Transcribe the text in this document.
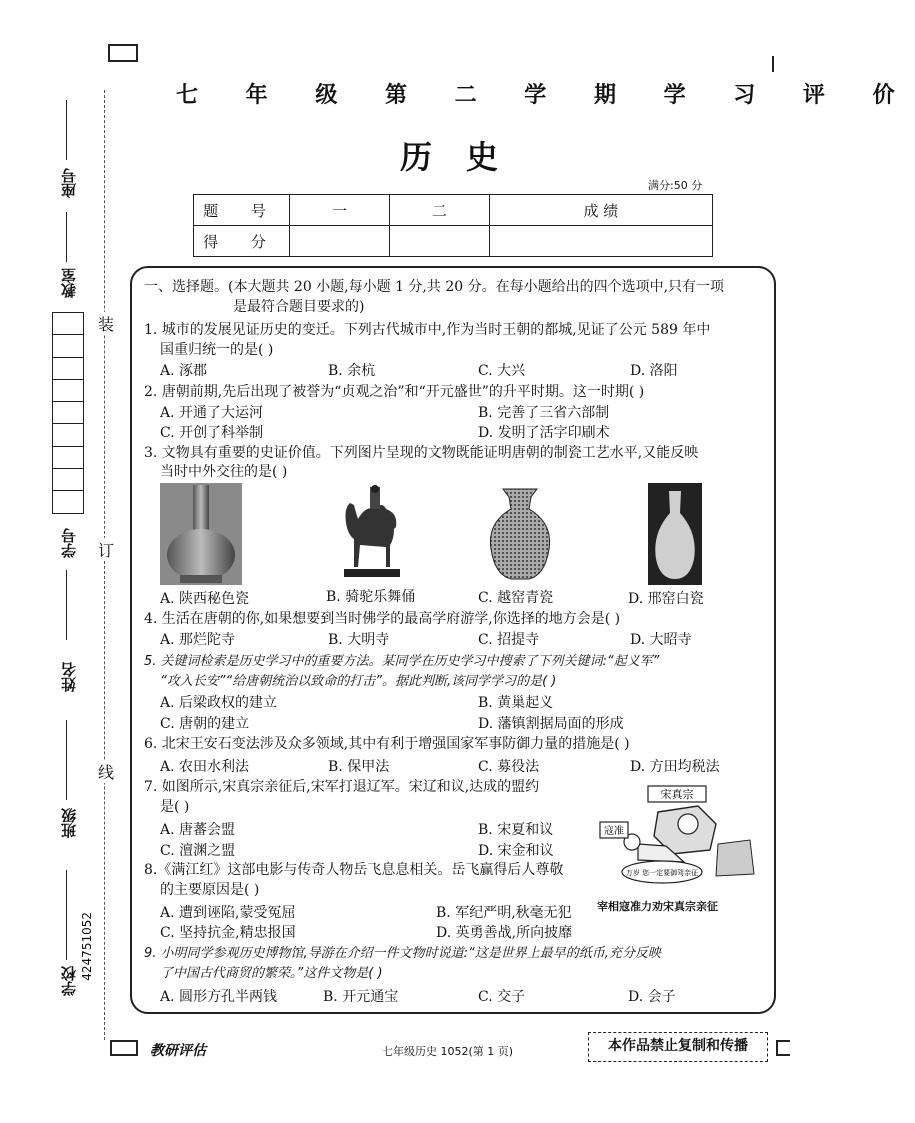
七 年 级 第 二 学 期 学 习 评 价
历史
满分:50 分
题 号	一	二	成 绩
得 分			
座号
教室
学号
姓名
班级
学校
424751052
装
订
线
一、选择题。(本大题共 20 小题,每小题 1 分,共 20 分。在每小题给出的四个选项中,只有一项
是最符合题目要求的)
1. 城市的发展见证历史的变迁。下列古代城市中,作为当时王朝的都城,见证了公元 589 年中
国重归统一的是( )
A. 涿郡	B. 余杭	C. 大兴	D. 洛阳
2. 唐朝前期,先后出现了被誉为“贞观之治”和“开元盛世”的升平时期。这一时期( )
A. 开通了大运河	B. 完善了三省六部制
C. 开创了科举制	D. 发明了活字印刷术
3. 文物具有重要的史证价值。下列图片呈现的文物既能证明唐朝的制瓷工艺水平,又能反映
当时中外交往的是( )
A. 陕西秘色瓷	B. 骑驼乐舞俑	C. 越窑青瓷	D. 邢窑白瓷
4. 生活在唐朝的你,如果想要到当时佛学的最高学府游学,你选择的地方会是( )
A. 那烂陀寺	B. 大明寺	C. 招提寺	D. 大昭寺
5. 关键词检索是历史学习中的重要方法。某同学在历史学习中搜索了下列关键词:“起义军”
“攻入长安”“给唐朝统治以致命的打击”。据此判断,该同学学习的是( )
A. 后梁政权的建立	B. 黄巢起义
C. 唐朝的建立	D. 藩镇割据局面的形成
6. 北宋王安石变法涉及众多领域,其中有利于增强国家军事防御力量的措施是( )
A. 农田水利法	B. 保甲法	C. 募役法	D. 方田均税法
7. 如图所示,宋真宗亲征后,宋军打退辽军。宋辽和议,达成的盟约
是( )
A. 唐蕃会盟	B. 宋夏和议
C. 澶渊之盟	D. 宋金和议
宋真宗
寇准
万岁 您一定要御驾亲征
宰相寇准力劝宋真宗亲征
8.《满江红》这部电影与传奇人物岳飞息息相关。岳飞赢得后人尊敬
的主要原因是( )
A. 遭到诬陷,蒙受冤屈	B. 军纪严明,秋毫无犯
C. 坚持抗金,精忠报国	D. 英勇善战,所向披靡
9. 小明同学参观历史博物馆,导游在介绍一件文物时说道:“这是世界上最早的纸币,充分反映
了中国古代商贸的繁荣。”这件文物是( )
A. 圆形方孔半两钱	B. 开元通宝	C. 交子	D. 会子
教研评估	七年级历史 1052(第 1 页)	本作品禁止复制和传播
